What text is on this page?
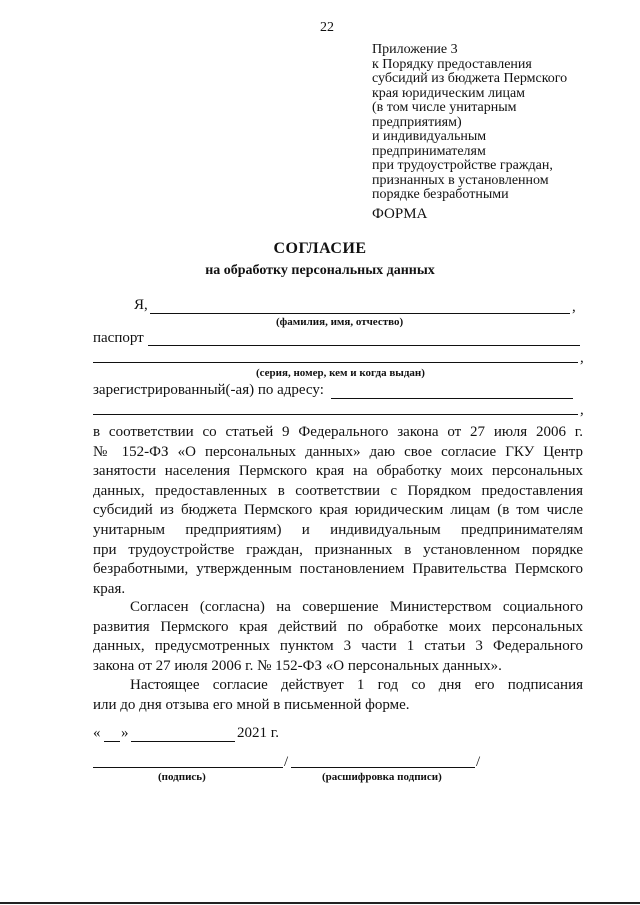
22
Приложение 3
к Порядку предоставления
субсидий из бюджета Пермского
края юридическим лицам
(в том числе унитарным
предприятиям)
и индивидуальным
предпринимателям
при трудоустройстве граждан,
признанных в установленном
порядке безработными
ФОРМА
СОГЛАСИЕ
на обработку персональных данных
Я,	,
(фамилия, имя, отчество)
паспорт
,
(серия, номер, кем и когда выдан)
зарегистрированный(-ая) по адресу:
,
в соответствии со статьей 9 Федерального закона от 27 июля 2006 г.
№ 152-ФЗ «О персональных данных» даю свое согласие ГКУ Центр
занятости населения Пермского края на обработку моих персональных
данных, предоставленных в соответствии с Порядком предоставления
субсидий из бюджета Пермского края юридическим лицам (в том числе
унитарным предприятиям) и индивидуальным предпринимателям
при трудоустройстве граждан, признанных в установленном порядке
безработными, утвержденным постановлением Правительства Пермского
края.
Согласен (согласна) на совершение Министерством социального
развития Пермского края действий по обработке моих персональных
данных, предусмотренных пунктом 3 части 1 статьи 3 Федерального
закона от 27 июля 2006 г. № 152-ФЗ «О персональных данных».
Настоящее согласие действует 1 год со дня его подписания
или до дня отзыва его мной в письменной форме.
« »	2021 г.
/	/
(подпись)	(расшифровка подписи)
